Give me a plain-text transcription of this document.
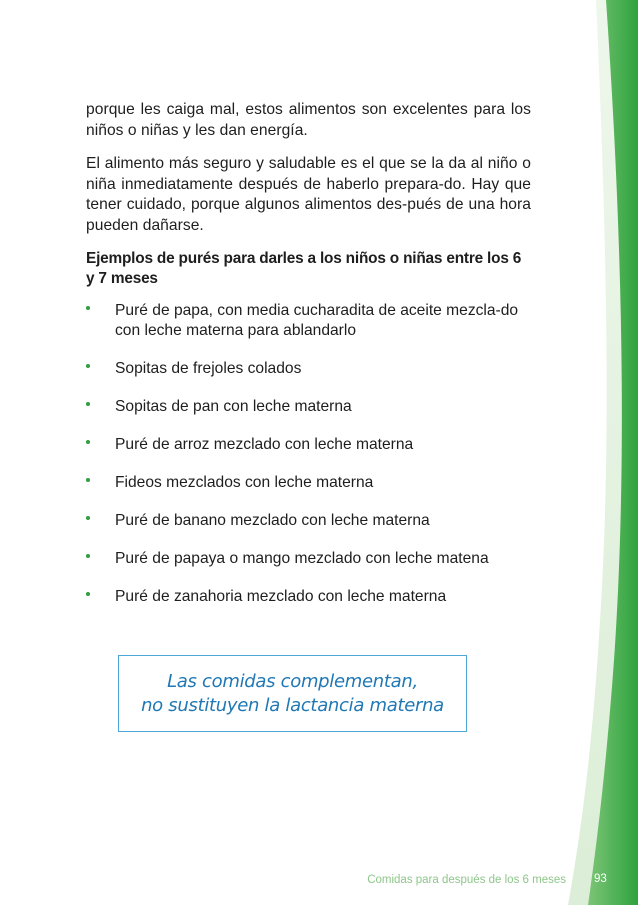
porque les caiga mal, estos alimentos son excelentes para los niños o niñas y les dan energía.

El alimento más seguro y saludable es el que se la da al niño o niña inmediatamente después de haberlo prepara-do. Hay que tener cuidado, porque algunos alimentos des-pués de una hora pueden dañarse.

Ejemplos de purés para darles a los niños o niñas entre los 6 y 7 meses

Puré de papa, con media cucharadita de aceite mezcla-do con leche materna para ablandarlo
Sopitas de frejoles colados
Sopitas de pan con leche materna
Puré de arroz mezclado con leche materna
Fideos mezclados con leche materna
Puré de banano mezclado con leche materna
Puré de papaya o mango mezclado con leche matena
Puré de zanahoria mezclado con leche materna
Las comidas complementan,
no sustituyen la lactancia materna
Comidas para después de los 6 meses 93
